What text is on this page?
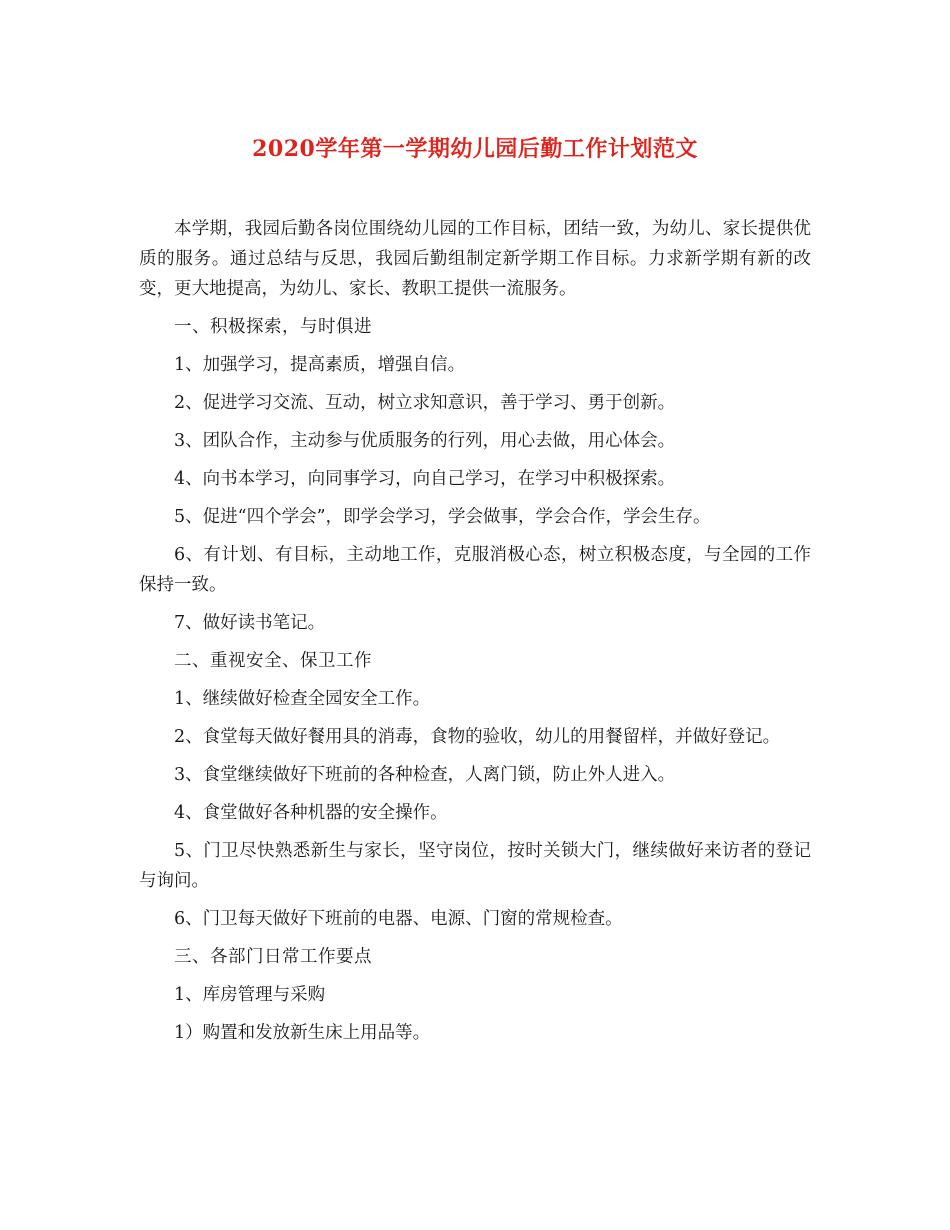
2020学年第一学期幼儿园后勤工作计划范文

本学期，我园后勤各岗位围绕幼儿园的工作目标，团结一致，为幼儿、家长提供优质的服务。通过总结与反思，我园后勤组制定新学期工作目标。力求新学期有新的改变，更大地提高，为幼儿、家长、教职工提供一流服务。

一、积极探索，与时俱进

1、加强学习，提高素质，增强自信。

2、促进学习交流、互动，树立求知意识，善于学习、勇于创新。

3、团队合作，主动参与优质服务的行列，用心去做，用心体会。

4、向书本学习，向同事学习，向自己学习，在学习中积极探索。

5、促进“四个学会”，即学会学习，学会做事，学会合作，学会生存。

6、有计划、有目标，主动地工作，克服消极心态，树立积极态度，与全园的工作保持一致。

7、做好读书笔记。

二、重视安全、保卫工作

1、继续做好检查全园安全工作。

2、食堂每天做好餐用具的消毒，食物的验收，幼儿的用餐留样，并做好登记。

3、食堂继续做好下班前的各种检查，人离门锁，防止外人进入。

4、食堂做好各种机器的安全操作。

5、门卫尽快熟悉新生与家长，坚守岗位，按时关锁大门，继续做好来访者的登记与询问。

6、门卫每天做好下班前的电器、电源、门窗的常规检查。

三、各部门日常工作要点

1、库房管理与采购

1）购置和发放新生床上用品等。
